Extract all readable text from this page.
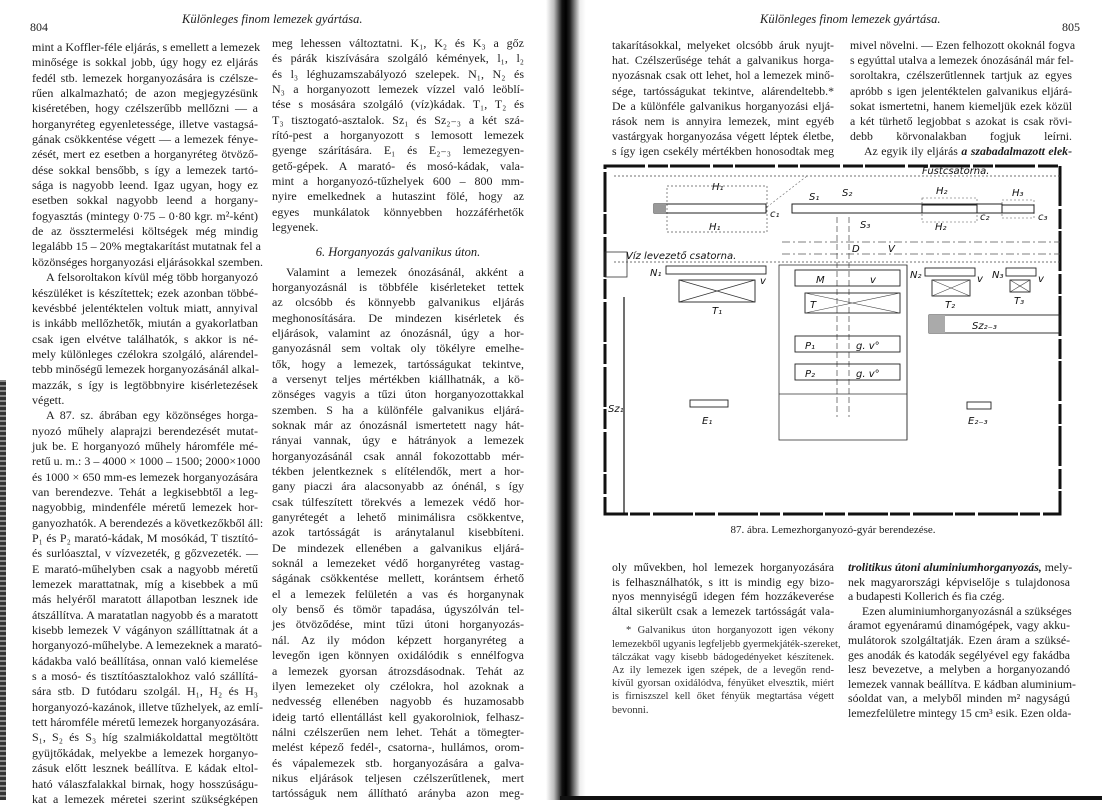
804
Különleges finom lemezek gyártása.
mint a Koffler-féle eljárás, s emellett a lemezek
minősége is sokkal jobb, úgy hogy ez eljárás
fedél stb. lemezek horganyozására is czélsze-
rűen alkalmazható; de azon megjegyzésünk
kiséretében, hogy czélszerűbb mellőzni — a
horganyréteg egyenletessége, illetve vastagsá-
gának csökkentése végett — a lemezek fénye-
zését, mert ez esetben a horganyréteg ötvöző-
dése sokkal bensőbb, s így a lemezek tartó-
sága is nagyobb leend. Igaz ugyan, hogy ez
esetben sokkal nagyobb leend a horgany-
fogyasztás (mintegy 0·75 – 0·80 kgr. m²-ként)
de az össztermelési költségek még mindig
legalább 15 – 20% megtakarítást mutatnak fel a
közönséges horganyozási eljárásokkal szemben.
A felsoroltakon kívül még több horganyozó
készüléket is készítettek; ezek azonban többé-
kevésbbé jelentéktelen voltuk miatt, annyival
is inkább mellőzhetők, miután a gyakorlatban
csak igen elvétve találhatók, s akkor is né-
mely különleges czélokra szolgáló, alárendel-
tebb minőségű lemezek horganyozásánál alkal-
mazzák, s így is legtöbbnyire kisérletezések
végett.
A 87. sz. ábrában egy közönséges horga-
nyozó műhely alaprajzi berendezését mutat-
juk be. E horganyozó műhely háromféle mé-
retű u. m.: 3 – 4000 × 1000 – 1500; 2000×1000
és 1000 × 650 mm-es lemezek horganyozására
van berendezve. Tehát a legkisebbtől a leg-
nagyobbig, mindenféle méretű lemezek hor-
ganyozhatók. A berendezés a következőkből áll:
P₁ és P₂ marató-kádak, M mosókád, T tisztító-
és surlóasztal, v vízvezeték, g gőzvezeték. —
E marató-műhelyben csak a nagyobb méretű
lemezek marattatnak, míg a kisebbek a mű
más helyéről maratott állapotban lesznek ide
átszállítva. A maratatlan nagyobb és a maratott
kisebb lemezek V vágányon szállíttatnak át a
horganyozó-műhelybe. A lemezeknek a marató-
kádakba való beállítása, onnan való kiemelése
s a mosó- és tisztítóasztalokhoz való szállítá-
sára stb. D futódaru szolgál. H₁, H₂ és H₃
horganyozó-kazánok, illetve tűzhelyek, az emlí-
tett háromféle méretű lemezek horganyozására.
S₁, S₂ és S₃ híg szalmiákoldattal megtöltött
gyüjtőkádak, melyekbe a lemezek horganyo-
zásuk előtt lesznek beállítva. E kádak eltol-
ható válaszfalakkal birnak, hogy hosszúságu-
kat a lemezek méretei szerint szükségképen
meg lehessen változtatni. K₁, K₂ és K₃ a gőz
és párák kiszívására szolgáló kémények, l₁, l₂
és l₃ léghuzamszabályozó szelepek. N₁, N₂ és
N₃ a horganyozott lemezek vízzel való leöblí-
tése s mosására szolgáló (víz)kádak. T₁, T₂ és
T₃ tisztogató-asztalok. Sz₁ és Sz₂₋₃ a két szá-
rító-pest a horganyozott s lemosott lemezek
gyenge szárítására. E₁ és E₂₋₃ lemezegyen-
gető-gépek. A marató- és mosó-kádak, vala-
mint a horganyozó-tűzhelyek 600 – 800 mm-
nyire emelkednek a hutaszint fölé, hogy az
egyes munkálatok könnyebben hozzáférhetők
legyenek.
6. Horganyozás galvanikus úton.
Valamint a lemezek ónozásánál, akként a
horganyozásnál is többféle kisérleteket tettek
az olcsóbb és könnyebb galvanikus eljárás
meghonosítására. De mindezen kisérletek és
eljárások, valamint az ónozásnál, úgy a hor-
ganyozásnál sem voltak oly tökélyre emelhe-
tők, hogy a lemezek, tartósságukat tekintve,
a versenyt teljes mértékben kiállhatnák, a kö-
zönséges vagyis a tűzi úton horganyozottakkal
szemben. S ha a különféle galvanikus eljárá-
soknak már az ónozásnál ismertetett nagy hát-
rányai vannak, úgy e hátrányok a lemezek
horganyozásánál csak annál fokozottabb mér-
tékben jelentkeznek s elítélendők, mert a hor-
gany piaczi ára alacsonyabb az ónénál, s így
csak túlfeszített törekvés a lemezek védő hor-
ganyrétegét a lehető minimálisra csökkentve,
azok tartósságát is aránytalanul kisebbíteni.
De mindezek ellenében a galvanikus eljárá-
soknál a lemezeket védő horganyréteg vastag-
ságának csökkentése mellett, korántsem érhető
el a lemezek felületén a vas és horganynak
oly benső és tömör tapadása, úgyszólván tel-
jes ötvöződése, mint tűzi útoni horganyozás-
nál. Az ily módon képzett horganyréteg a
levegőn igen könnyen oxidálódik s ennélfogva
a lemezek gyorsan átrozsdásodnak. Tehát az
ilyen lemezeket oly czélokra, hol azoknak a
nedvesség ellenében nagyobb és huzamosabb
ideig tartó ellentállást kell gyakorolniok, felhasz-
nálni czélszerűen nem lehet. Tehát a tömegter-
melést képező fedél-, csatorna-, hullámos, orom-
és vápalemezek stb. horganyozására a galva-
nikus eljárások teljesen czélszerűtlenek, mert
tartósságuk nem állítható arányba azon meg-
Különleges finom lemezek gyártása.
805
takarításokkal, melyeket olcsóbb áruk nyujt-
hat. Czélszerűsége tehát a galvanikus horga-
nyozásnak csak ott lehet, hol a lemezek minő-
sége, tartósságukat tekintve, alárendeltebb.*
De a különféle galvanikus horganyozási eljá-
rások nem is annyira lemezek, mint egyéb
vastárgyak horganyozása végett léptek életbe,
s így igen csekély mértékben honosodtak meg
mivel növelni. — Ezen felhozott okoknál fogva
s egyúttal utalva a lemezek ónozásánál már fel-
soroltakra, czélszerűtlennek tartjuk az egyes
apróbb s igen jelentéktelen galvanikus eljárá-
sokat ismertetni, hanem kiemeljük ezek közül
a két türhető legjobbat s azokat is csak rövi-
debb körvonalakban fogjuk leírni.
Az egyik ily eljárás a szabadalmazott elek-
Füstcsatorna.
H₁
H₁
c₁
S₁ S₂
S₃
H₂
H₂
c₂
H₃
c₃
V
D
Víz levezető csatorna.
N₁
v
T₁
M	v
T
P₁	g. v°
P₂	g. v°
N₂	v
T₂
N₃	v
T₃
Sz₂₋₃
Sz₁
E₁	E₂₋₃
87. ábra. Lemezhorganyozó-gyár berendezése.
oly művekben, hol lemezek horganyozására
is felhasználhatók, s itt is mindig egy bizo-
nyos mennyiségű idegen fém hozzákeverése
által sikerült csak a lemezek tartósságát vala-
* Galvanikus úton horganyozott igen vékony
lemezekből ugyanis legfeljebb gyermekjáték-szereket,
tálczákat vagy kisebb bádogedényeket készítenek.
Az ily lemezek igen szépek, de a levegőn rend-
kívül gyorsan oxidálódva, fényüket elvesztik, miért
is firniszszel kell őket fényük megtartása végett
bevonni.
trolitikus útoni aluminiumhorganyozás, mely-
nek magyarországi képviselője s tulajdonosa
a budapesti Kollerich és fia czég.
Ezen aluminiumhorganyozásnál a szükséges
áramot egyenáramú dinamógépek, vagy akku-
mulátorok szolgáltatják. Ezen áram a szüksé-
ges anodák és katodák segélyével egy fakádba
lesz bevezetve, a melyben a horganyozandó
lemezek vannak beállítva. E kádban aluminium-
sóoldat van, a melyből minden m² nagyságú
lemezfelületre mintegy 15 cm³ esik. Ezen olda-
